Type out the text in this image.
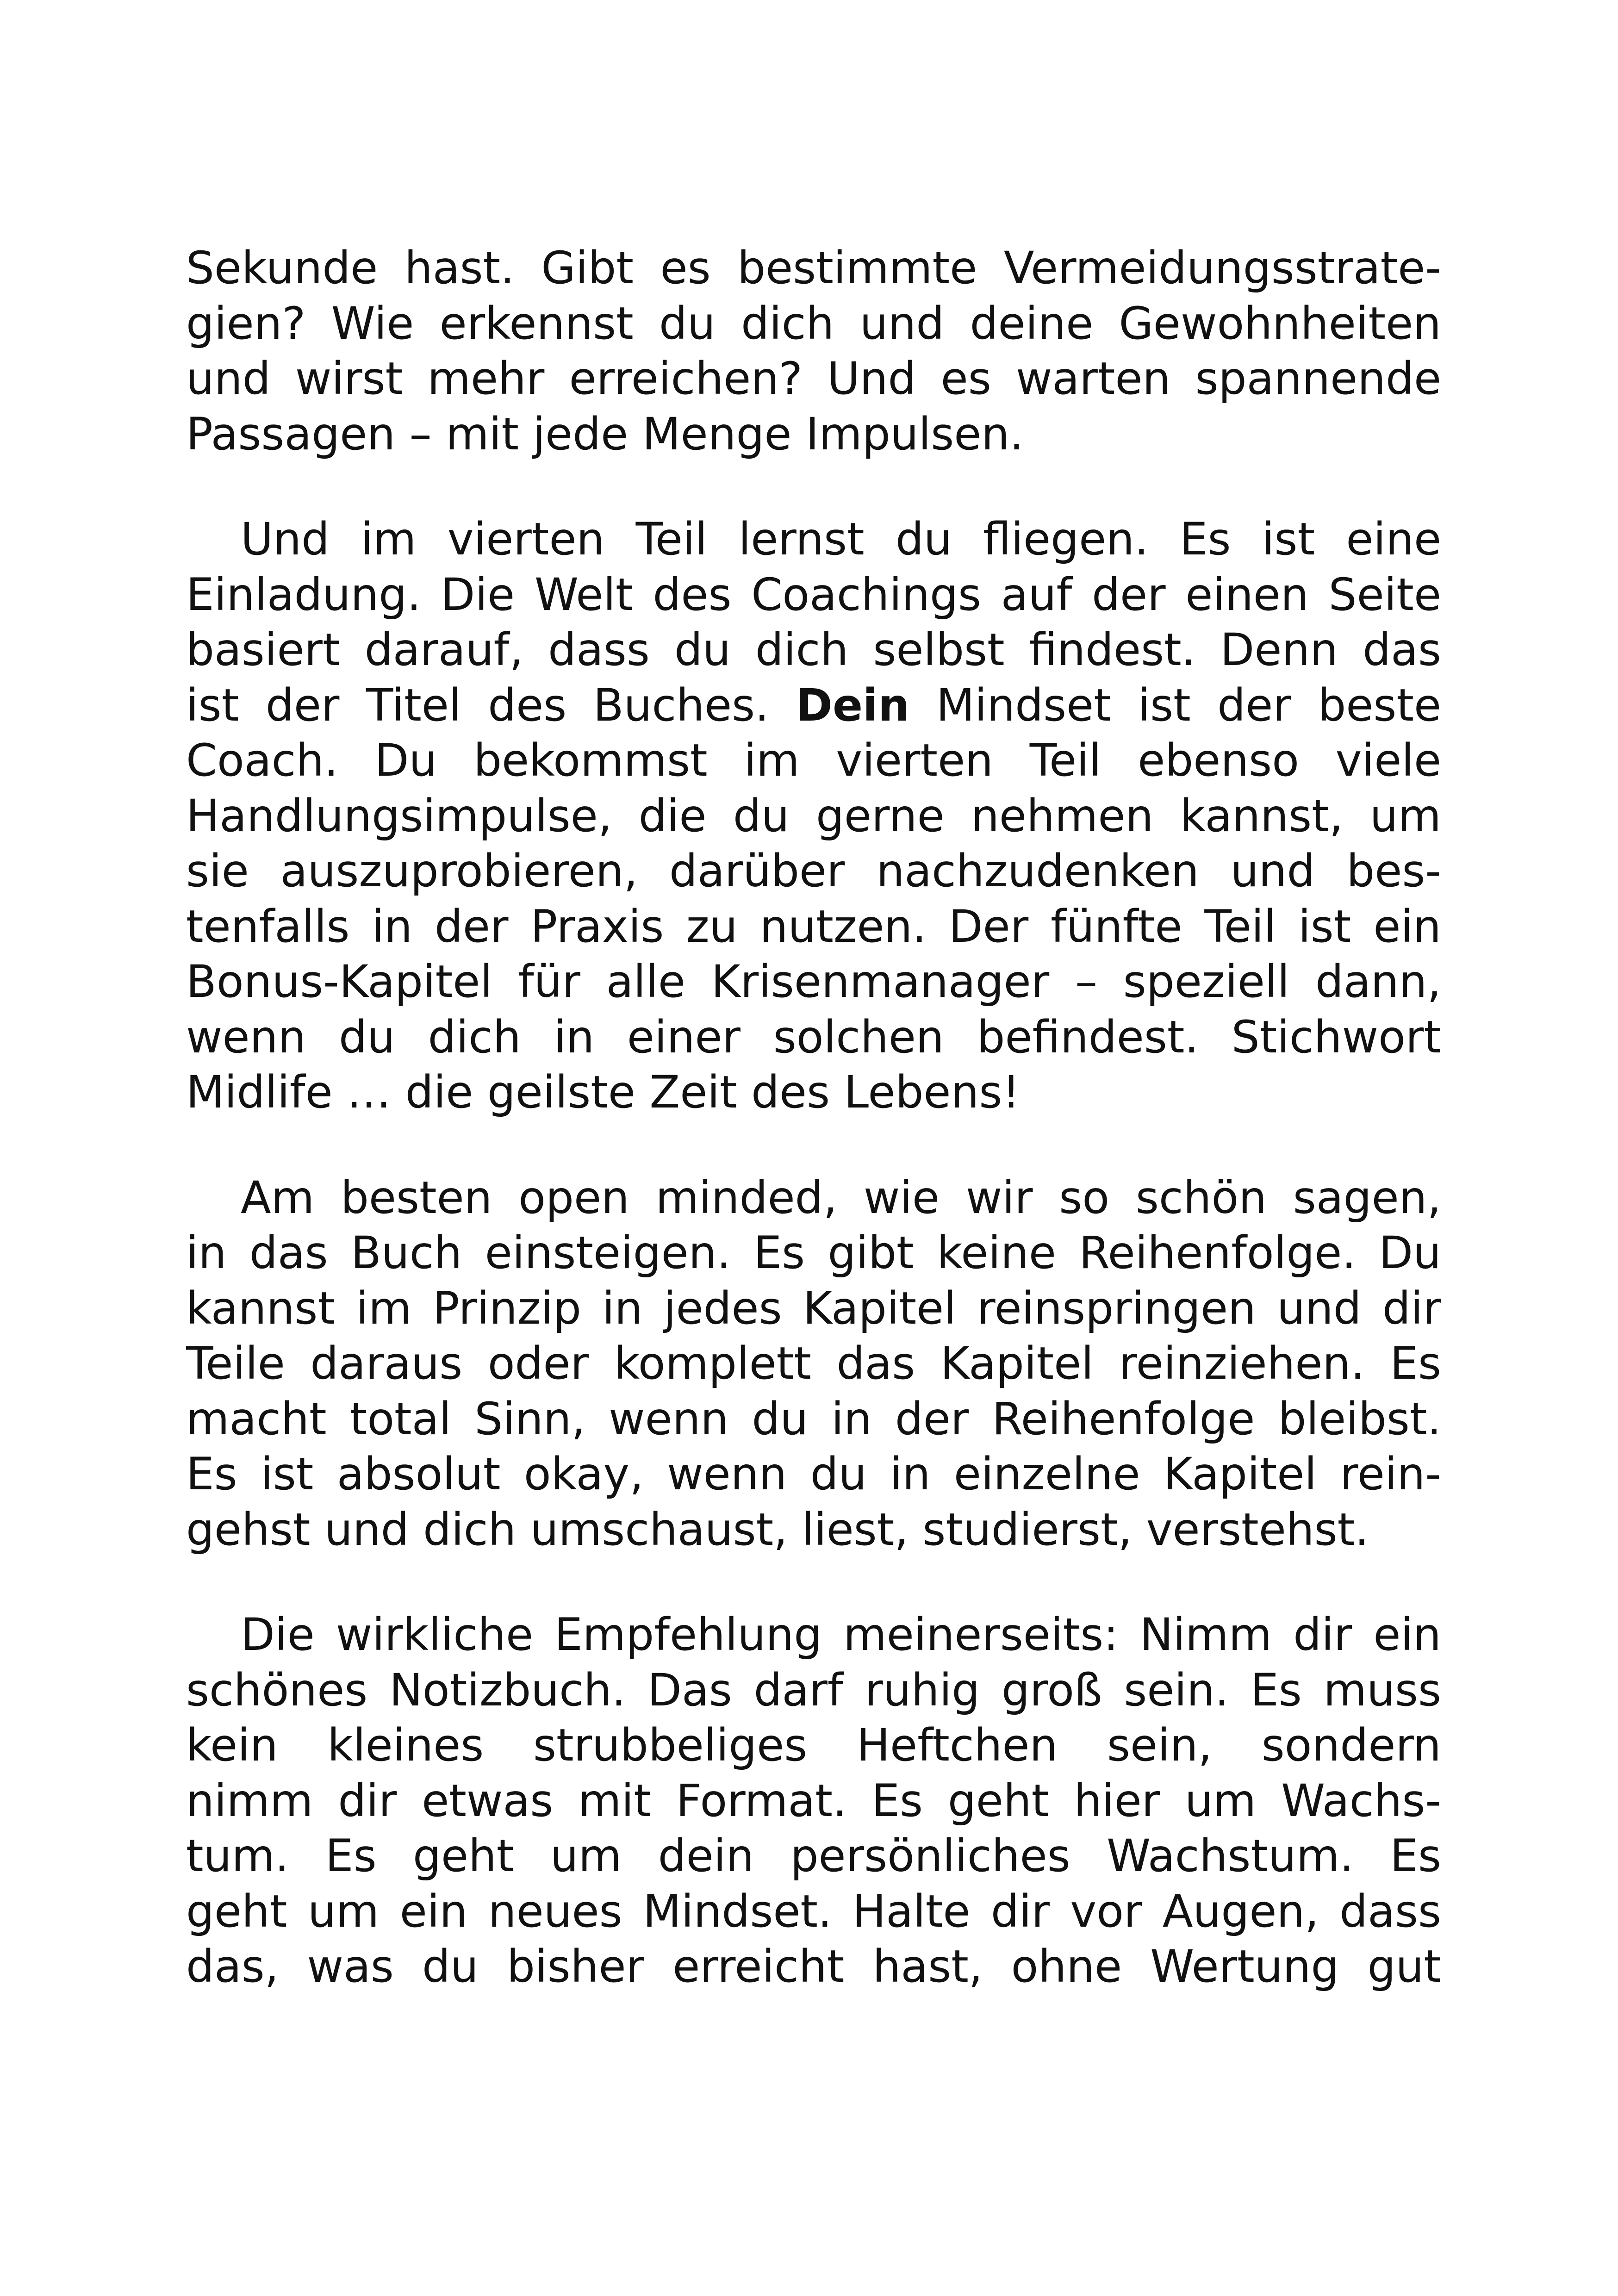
Sekunde hast. Gibt es bestimmte Vermeidungsstrate-
gien? Wie erkennst du dich und deine Gewohnheiten
und wirst mehr erreichen? Und es warten spannende
Passagen – mit jede Menge Impulsen.
Und im vierten Teil lernst du fliegen. Es ist eine
Einladung. Die Welt des Coachings auf der einen Seite
basiert darauf, dass du dich selbst findest. Denn das
ist der Titel des Buches. Dein Mindset ist der beste
Coach. Du bekommst im vierten Teil ebenso viele
Handlungsimpulse, die du gerne nehmen kannst, um
sie auszuprobieren, darüber nachzudenken und bes-
tenfalls in der Praxis zu nutzen. Der fünfte Teil ist ein
Bonus-Kapitel für alle Krisenmanager – speziell dann,
wenn du dich in einer solchen befindest. Stichwort
Midlife … die geilste Zeit des Lebens!
Am besten open minded, wie wir so schön sagen,
in das Buch einsteigen. Es gibt keine Reihenfolge. Du
kannst im Prinzip in jedes Kapitel reinspringen und dir
Teile daraus oder komplett das Kapitel reinziehen. Es
macht total Sinn, wenn du in der Reihenfolge bleibst.
Es ist absolut okay, wenn du in einzelne Kapitel rein-
gehst und dich umschaust, liest, studierst, verstehst.
Die wirkliche Empfehlung meinerseits: Nimm dir ein
schönes Notizbuch. Das darf ruhig groß sein. Es muss
kein kleines strubbeliges Heftchen sein, sondern
nimm dir etwas mit Format. Es geht hier um Wachs-
tum. Es geht um dein persönliches Wachstum. Es
geht um ein neues Mindset. Halte dir vor Augen, dass
das, was du bisher erreicht hast, ohne Wertung gut
